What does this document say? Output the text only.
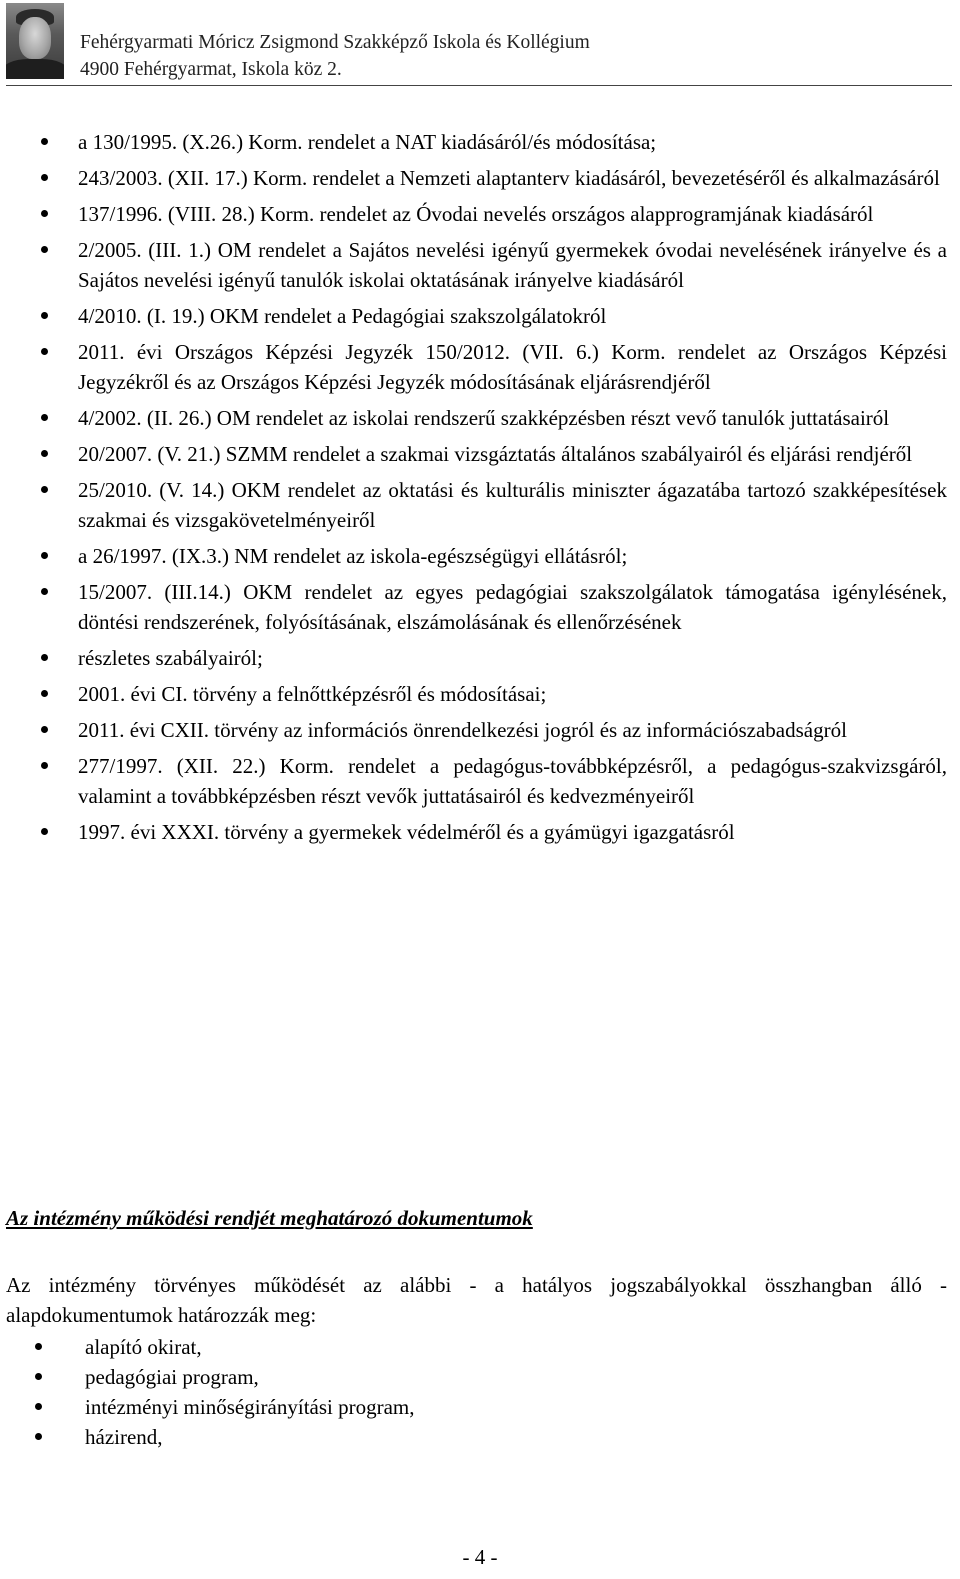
Fehérgyarmati Móricz Zsigmond Szakképző Iskola és Kollégium
4900 Fehérgyarmat, Iskola köz 2.
a 130/1995. (X.26.) Korm. rendelet a NAT kiadásáról/és módosítása;
243/2003. (XII. 17.) Korm. rendelet a Nemzeti alaptanterv kiadásáról, bevezetéséről és alkalmazásáról
137/1996. (VIII. 28.) Korm. rendelet az Óvodai nevelés országos alapprogramjának kiadásáról
2/2005. (III. 1.) OM rendelet a Sajátos nevelési igényű gyermekek óvodai nevelésének irányelve és a Sajátos nevelési igényű tanulók iskolai oktatásának irányelve kiadásáról
4/2010. (I. 19.) OKM rendelet a Pedagógiai szakszolgálatokról
2011. évi Országos Képzési Jegyzék 150/2012. (VII. 6.) Korm. rendelet az Országos Képzési Jegyzékről és az Országos Képzési Jegyzék módosításának eljárásrendjéről
4/2002. (II. 26.) OM rendelet az iskolai rendszerű szakképzésben részt vevő tanulók juttatásairól
20/2007. (V. 21.) SZMM rendelet a szakmai vizsgáztatás általános szabályairól és eljárási rendjéről
25/2010. (V. 14.) OKM rendelet az oktatási és kulturális miniszter ágazatába tartozó szakképesítések szakmai és vizsgakövetelményeiről
a 26/1997. (IX.3.) NM rendelet az iskola-egészségügyi ellátásról;
15/2007. (III.14.) OKM rendelet az egyes pedagógiai szakszolgálatok támogatása igénylésének, döntési rendszerének, folyósításának, elszámolásának és ellenőrzésének
részletes szabályairól;
2001. évi CI. törvény a felnőttképzésről és módosításai;
2011. évi CXII. törvény az információs önrendelkezési jogról és az információszabadságról
277/1997. (XII. 22.) Korm. rendelet a pedagógus-továbbképzésről, a pedagógus-szakvizsgáról, valamint a továbbképzésben részt vevők juttatásairól és kedvezményeiről
1997. évi XXXI. törvény a gyermekek védelméről és a gyámügyi igazgatásról
Az intézmény működési rendjét meghatározó dokumentumok
Az intézmény törvényes működését az alábbi ‑ a hatályos jogszabályokkal összhangban álló - alapdokumentumok határozzák meg:
alapító okirat,
pedagógiai program,
intézményi minőségirányítási program,
házirend,
- 4 -
